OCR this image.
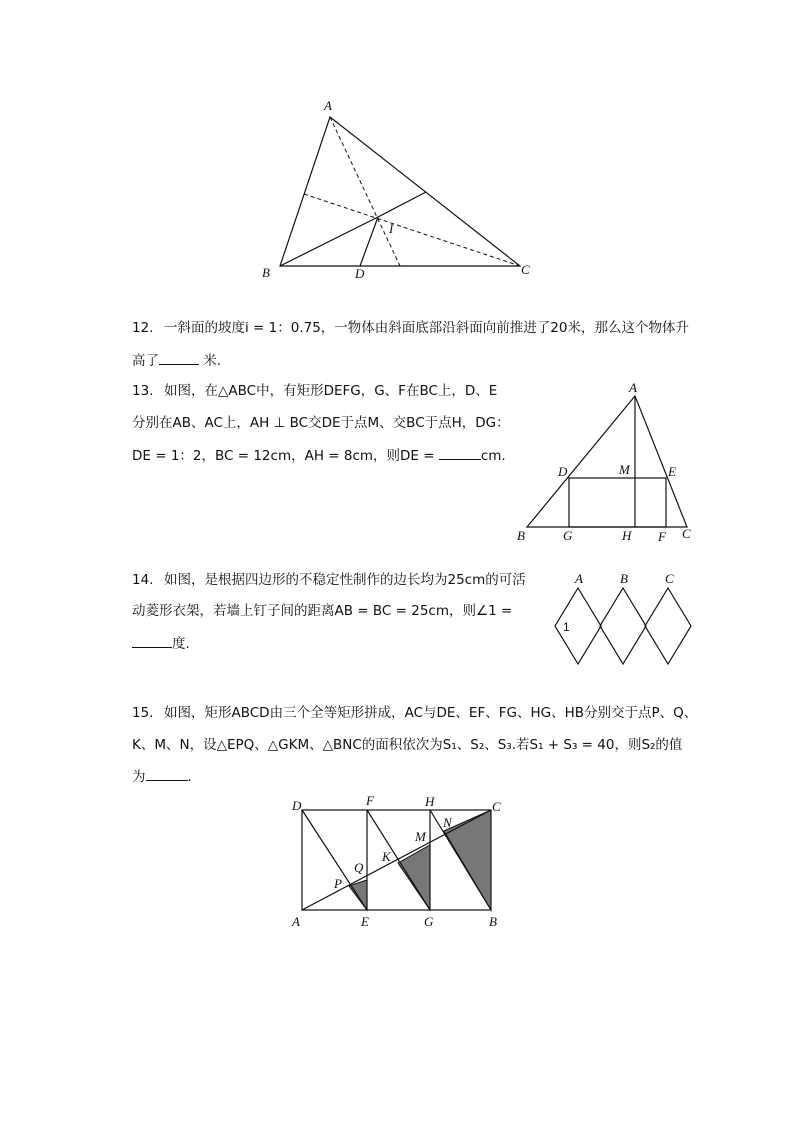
A
B	C
D
I
12. 一斜面的坡度i = 1：0.75，一物体由斜面底部沿斜面向前推进了20米，那么这个物体升
高了	米.
13. 如图，在△ABC中，有矩形DEFG，G、F在BC上，D、E
分别在AB、AC上，AH ⊥ BC交DE于点M、交BC于点H，DG：
DE = 1：2，BC = 12cm，AH = 8cm，则DE =	cm.
A
B	C
D	E
F
G	H
M
14. 如图，是根据四边形的不稳定性制作的边长均为25cm的可活
动菱形衣架，若墙上钉子间的距离AB = BC = 25cm，则∠1 =
度.
A	B	C
1
15. 如图，矩形ABCD由三个全等矩形拼成，AC与DE、EF、FG、HG、HB分别交于点P、Q、
K、M、N，设△EPQ、△GKM、△BNC的面积依次为S₁、S₂、S₃.若S₁ + S₃ = 40，则S₂的值
为	.
D	F	H	C
A	E	G	B
P
Q
K
M
N
